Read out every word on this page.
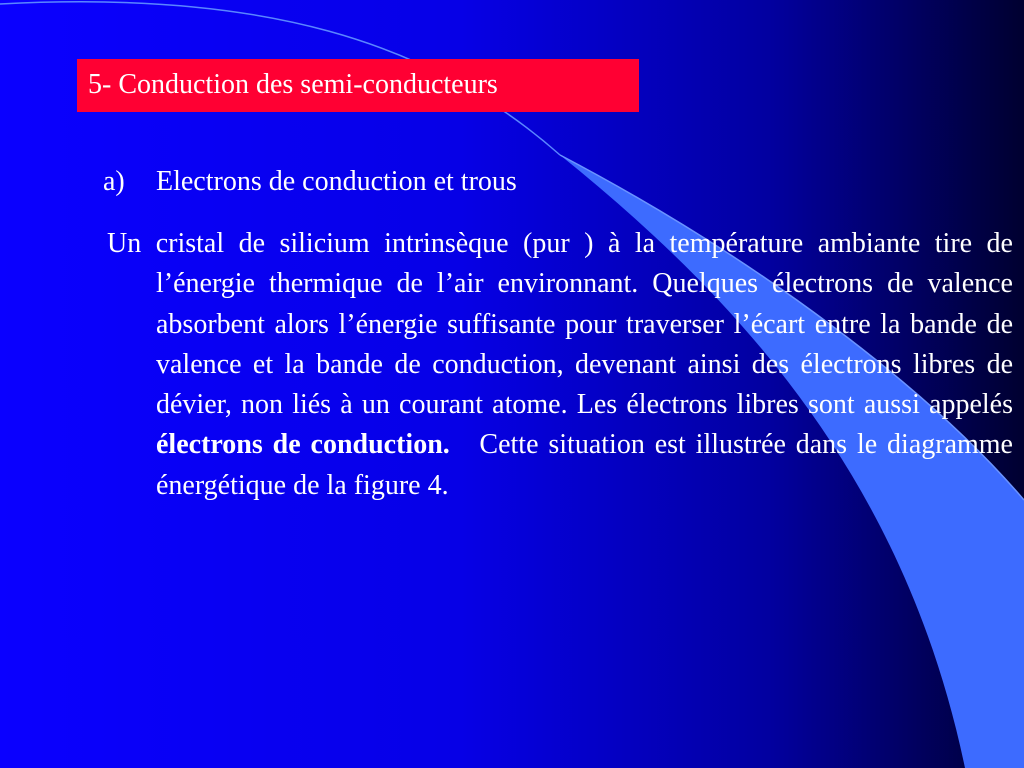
5- Conduction des semi-conducteurs
a) Electrons de conduction et trous
Un cristal de silicium intrinsèque (pur ) à la température ambiante tire de l’énergie thermique de l’air environnant. Quelques électrons de valence absorbent alors l’énergie suffisante pour traverser l’écart entre la bande de valence et la bande de conduction, devenant ainsi des électrons libres de dévier, non liés à un courant atome. Les électrons libres sont aussi appelés électrons de conduction.   Cette situation est illustrée dans le diagramme énergétique de la figure 4.
